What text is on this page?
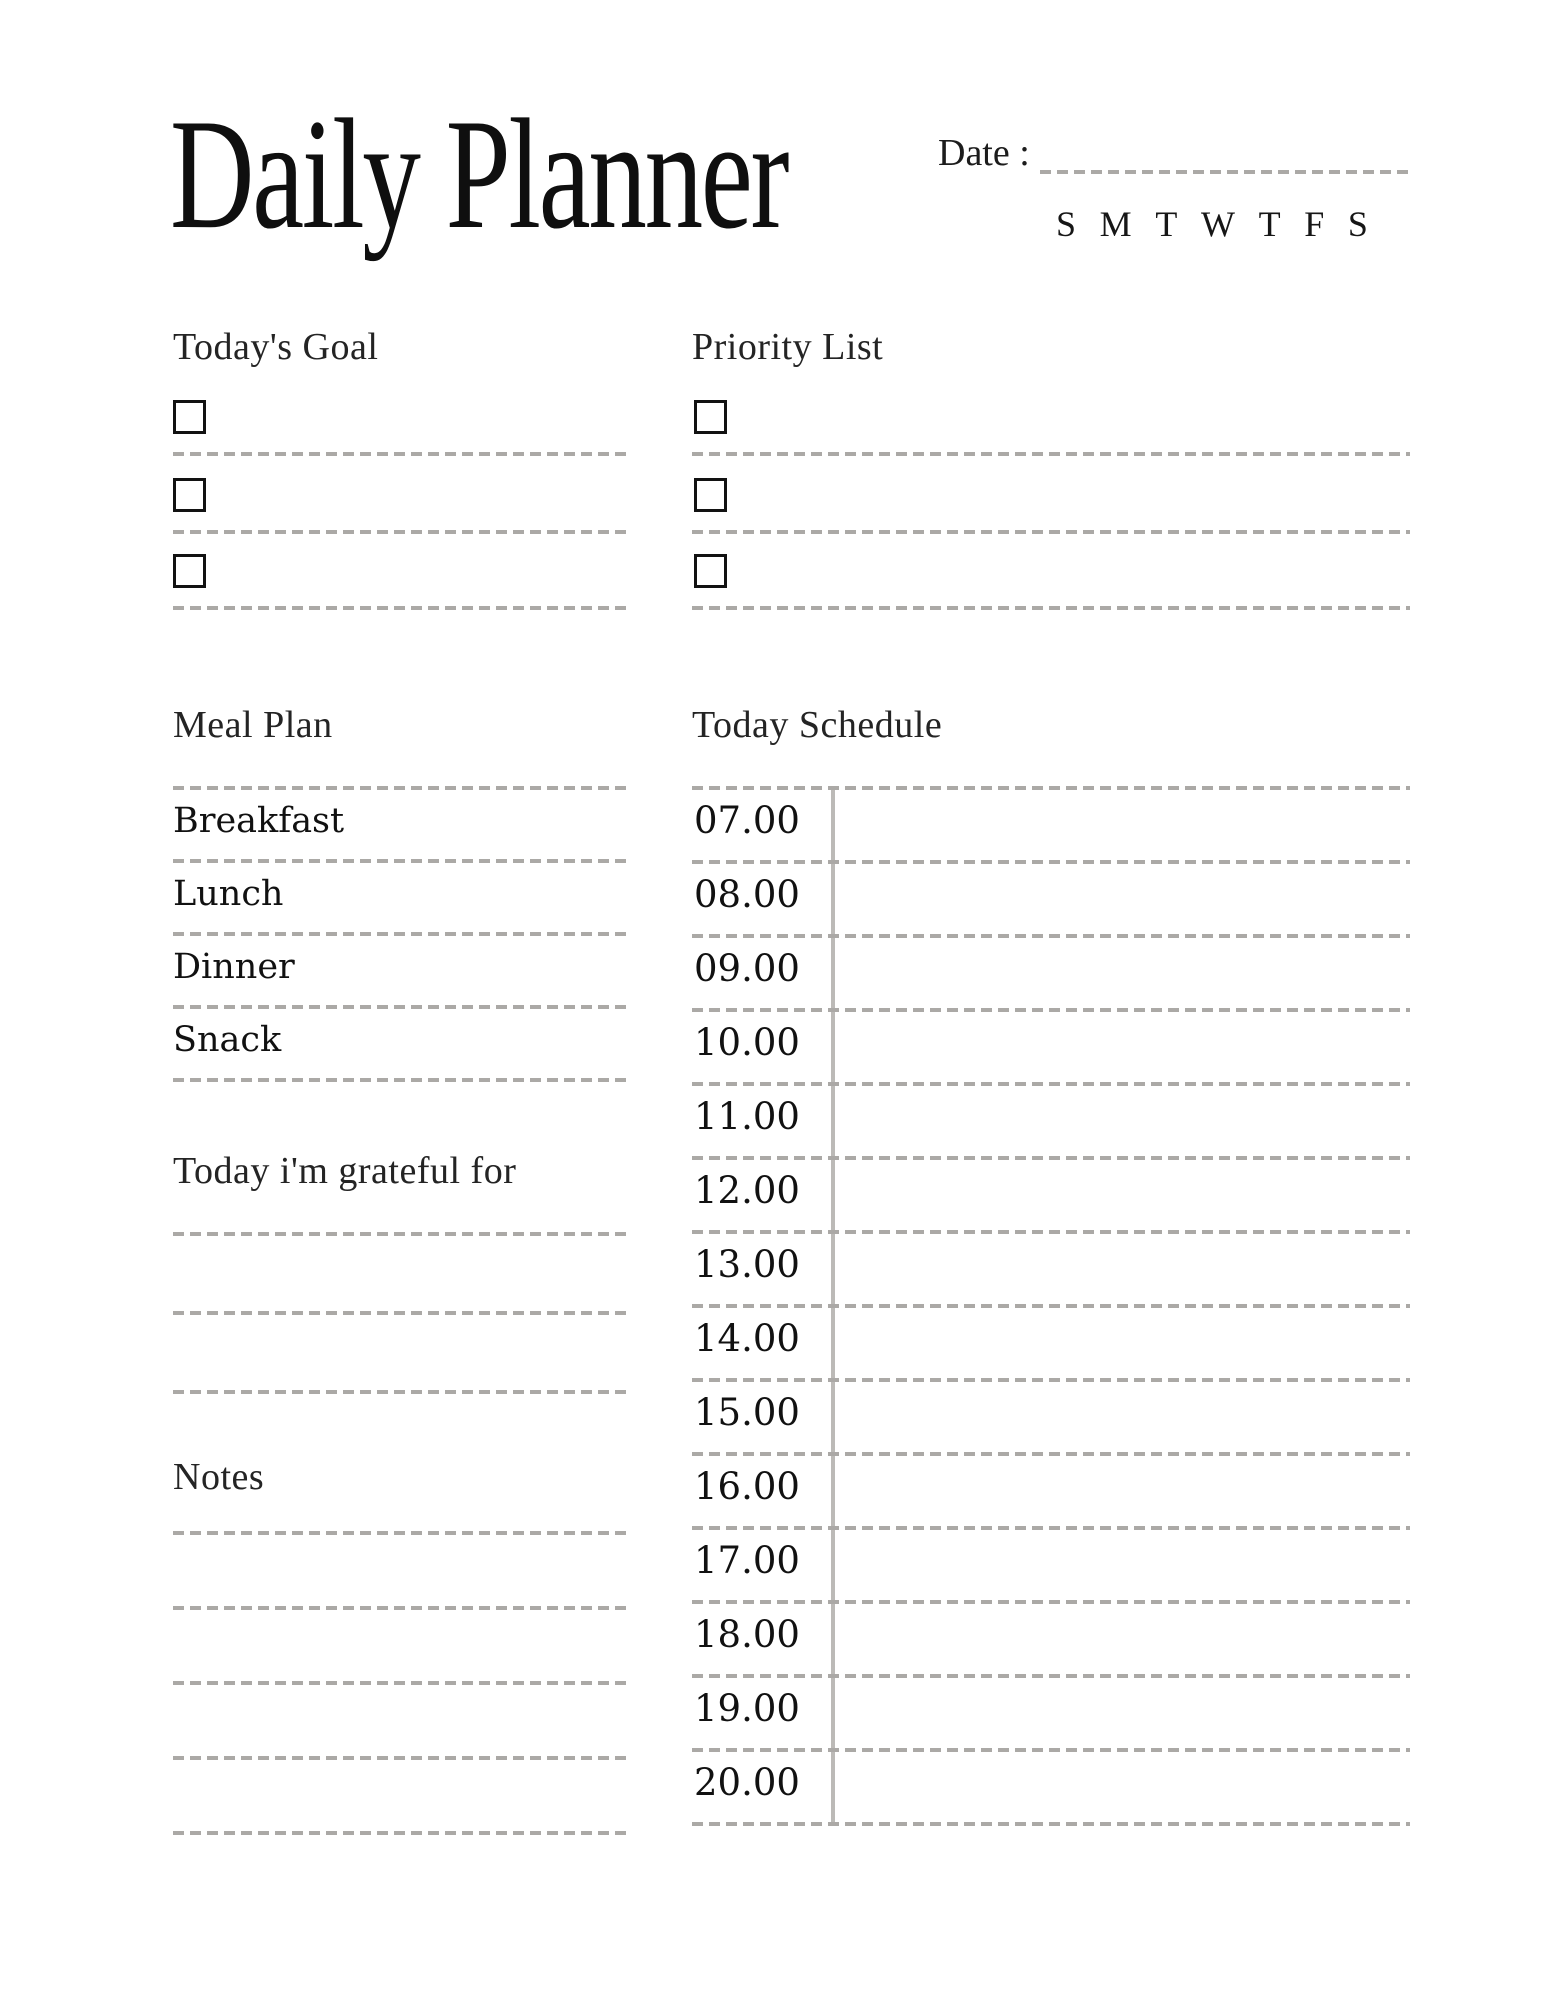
Daily Planner	Date :
S M T W T F S
Today's Goal	Priority List
Meal Plan
Breakfast
Lunch
Dinner
Snack
Today Schedule
07.00
08.00
09.00
10.00
11.00
12.00
13.00
14.00
15.00
16.00
17.00
18.00
19.00
20.00
Today i'm grateful for
Notes
